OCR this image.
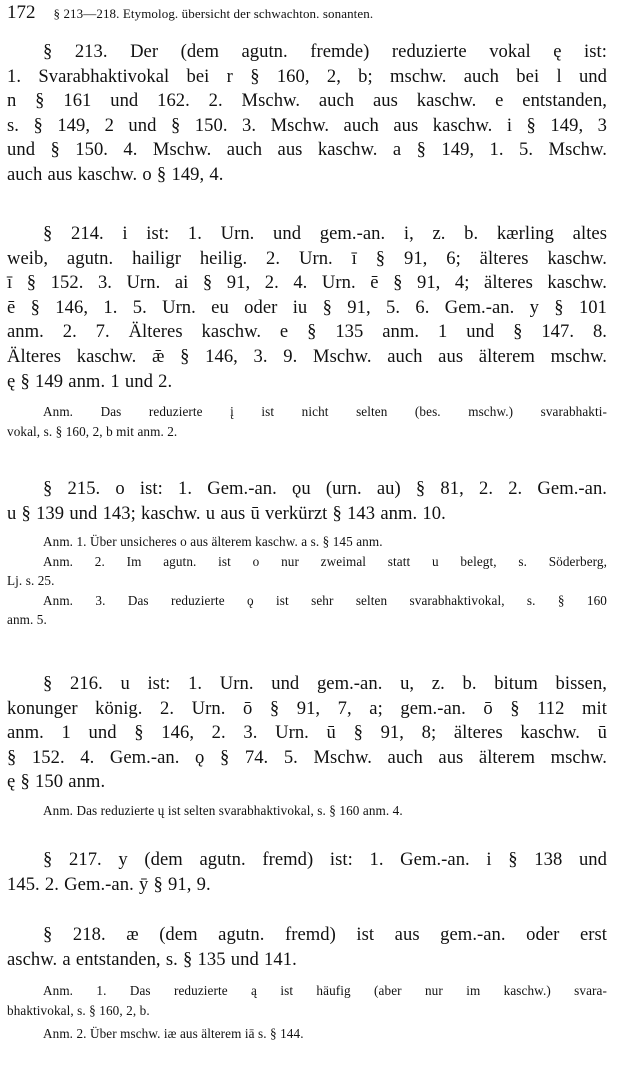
172 § 213—218. Etymolog. übersicht der schwachton. sonanten.

§ 213. Der (dem agutn. fremde) reduzierte vokal ę ist:
1. Svarabhaktivokal bei r § 160, 2, b; mschw. auch bei l und
n § 161 und 162. 2. Mschw. auch aus kaschw. e entstanden,
s. § 149, 2 und § 150. 3. Mschw. auch aus kaschw. i § 149, 3
und § 150. 4. Mschw. auch aus kaschw. a § 149, 1. 5. Mschw.
auch aus kaschw. o § 149, 4.

§ 214. i ist: 1. Urn. und gem.-an. i, z. b. kærling altes
weib, agutn. hailigr heilig. 2. Urn. ī § 91, 6; älteres kaschw.
ī § 152. 3. Urn. ai § 91, 2. 4. Urn. ē § 91, 4; älteres kaschw.
ē § 146, 1. 5. Urn. eu oder iu § 91, 5. 6. Gem.-an. y § 101
anm. 2. 7. Älteres kaschw. e § 135 anm. 1 und § 147. 8.
Älteres kaschw. ǣ § 146, 3. 9. Mschw. auch aus älterem mschw.
ę § 149 anm. 1 und 2.

Anm. Das reduzierte į ist nicht selten (bes. mschw.) svarabhakti-
vokal, s. § 160, 2, b mit anm. 2.

§ 215. o ist: 1. Gem.-an. ǫu (urn. au) § 81, 2. 2. Gem.-an.
u § 139 und 143; kaschw. u aus ū verkürzt § 143 anm. 10.

Anm. 1. Über unsicheres o aus älterem kaschw. a s. § 145 anm.

Anm. 2. Im agutn. ist o nur zweimal statt u belegt, s. Söderberg,
Lj. s. 25.

Anm. 3. Das reduzierte ǫ ist sehr selten svarabhaktivokal, s. § 160
anm. 5.

§ 216. u ist: 1. Urn. und gem.-an. u, z. b. bitum bissen,
konunger könig. 2. Urn. ō § 91, 7, a; gem.-an. ō § 112 mit
anm. 1 und § 146, 2. 3. Urn. ū § 91, 8; älteres kaschw. ū
§ 152. 4. Gem.-an. ǫ § 74. 5. Mschw. auch aus älterem mschw.
ę § 150 anm.

Anm. Das reduzierte ų ist selten svarabhaktivokal, s. § 160 anm. 4.

§ 217. y (dem agutn. fremd) ist: 1. Gem.-an. i § 138 und
145. 2. Gem.-an. ȳ § 91, 9.

§ 218. æ (dem agutn. fremd) ist aus gem.-an. oder erst
aschw. a entstanden, s. § 135 und 141.

Anm. 1. Das reduzierte ą ist häufig (aber nur im kaschw.) svara-
bhaktivokal, s. § 160, 2, b.

Anm. 2. Über mschw. iæ aus älterem iā s. § 144.
